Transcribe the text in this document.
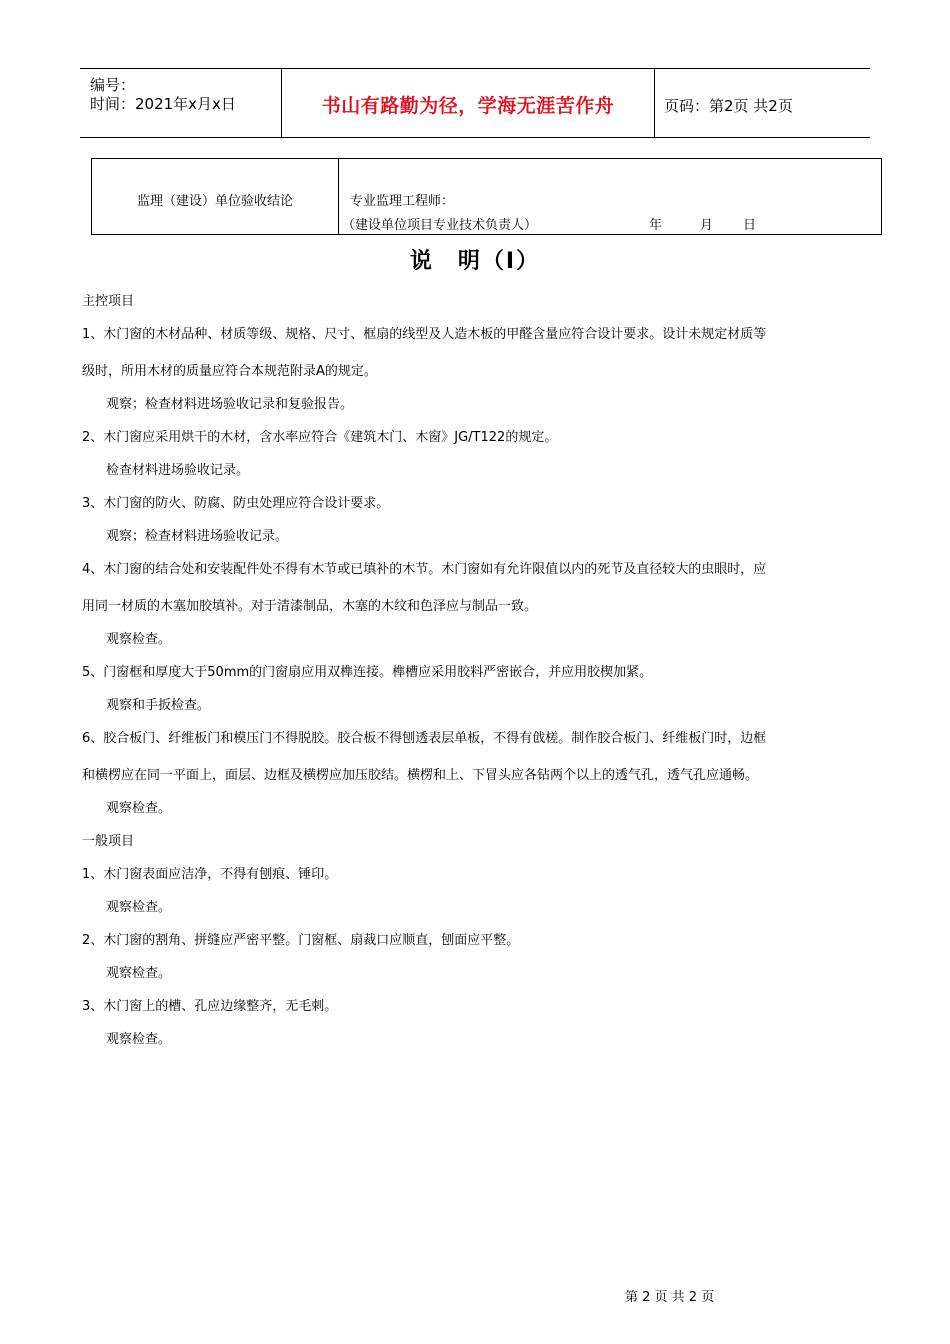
编号：
时间：2021年x月x日	书山有路勤为径，学海无涯苦作舟	页码：第2页 共2页
监理（建设）单位验收结论	专业监理工程师：
（建设单位项目专业技术负责人）	年	月 日
说　明（Ⅰ）
主控项目
1、木门窗的木材品种、材质等级、规格、尺寸、框扇的线型及人造木板的甲醛含量应符合设计要求。设计未规定材质等
级时，所用木材的质量应符合本规范附录A的规定。
观察；检查材料进场验收记录和复验报告。
2、木门窗应采用烘干的木材，含水率应符合《建筑木门、木窗》JG/T122的规定。
检查材料进场验收记录。
3、木门窗的防火、防腐、防虫处理应符合设计要求。
观察；检查材料进场验收记录。
4、木门窗的结合处和安装配件处不得有木节或已填补的木节。木门窗如有允许限值以内的死节及直径较大的虫眼时，应
用同一材质的木塞加胶填补。对于清漆制品，木塞的木纹和色泽应与制品一致。
观察检查。
5、门窗框和厚度大于50mm的门窗扇应用双榫连接。榫槽应采用胶料严密嵌合，并应用胶楔加紧。
观察和手扳检查。
6、胶合板门、纤维板门和模压门不得脱胶。胶合板不得刨透表层单板，不得有戗槎。制作胶合板门、纤维板门时，边框
和横楞应在同一平面上，面层、边框及横楞应加压胶结。横楞和上、下冒头应各钻两个以上的透气孔，透气孔应通畅。
观察检查。
一般项目
1、木门窗表面应洁净，不得有刨痕、锤印。
观察检查。
2、木门窗的割角、拼缝应严密平整。门窗框、扇裁口应顺直，刨面应平整。
观察检查。
3、木门窗上的槽、孔应边缘整齐，无毛刺。
观察检查。
第 2 页 共 2 页
